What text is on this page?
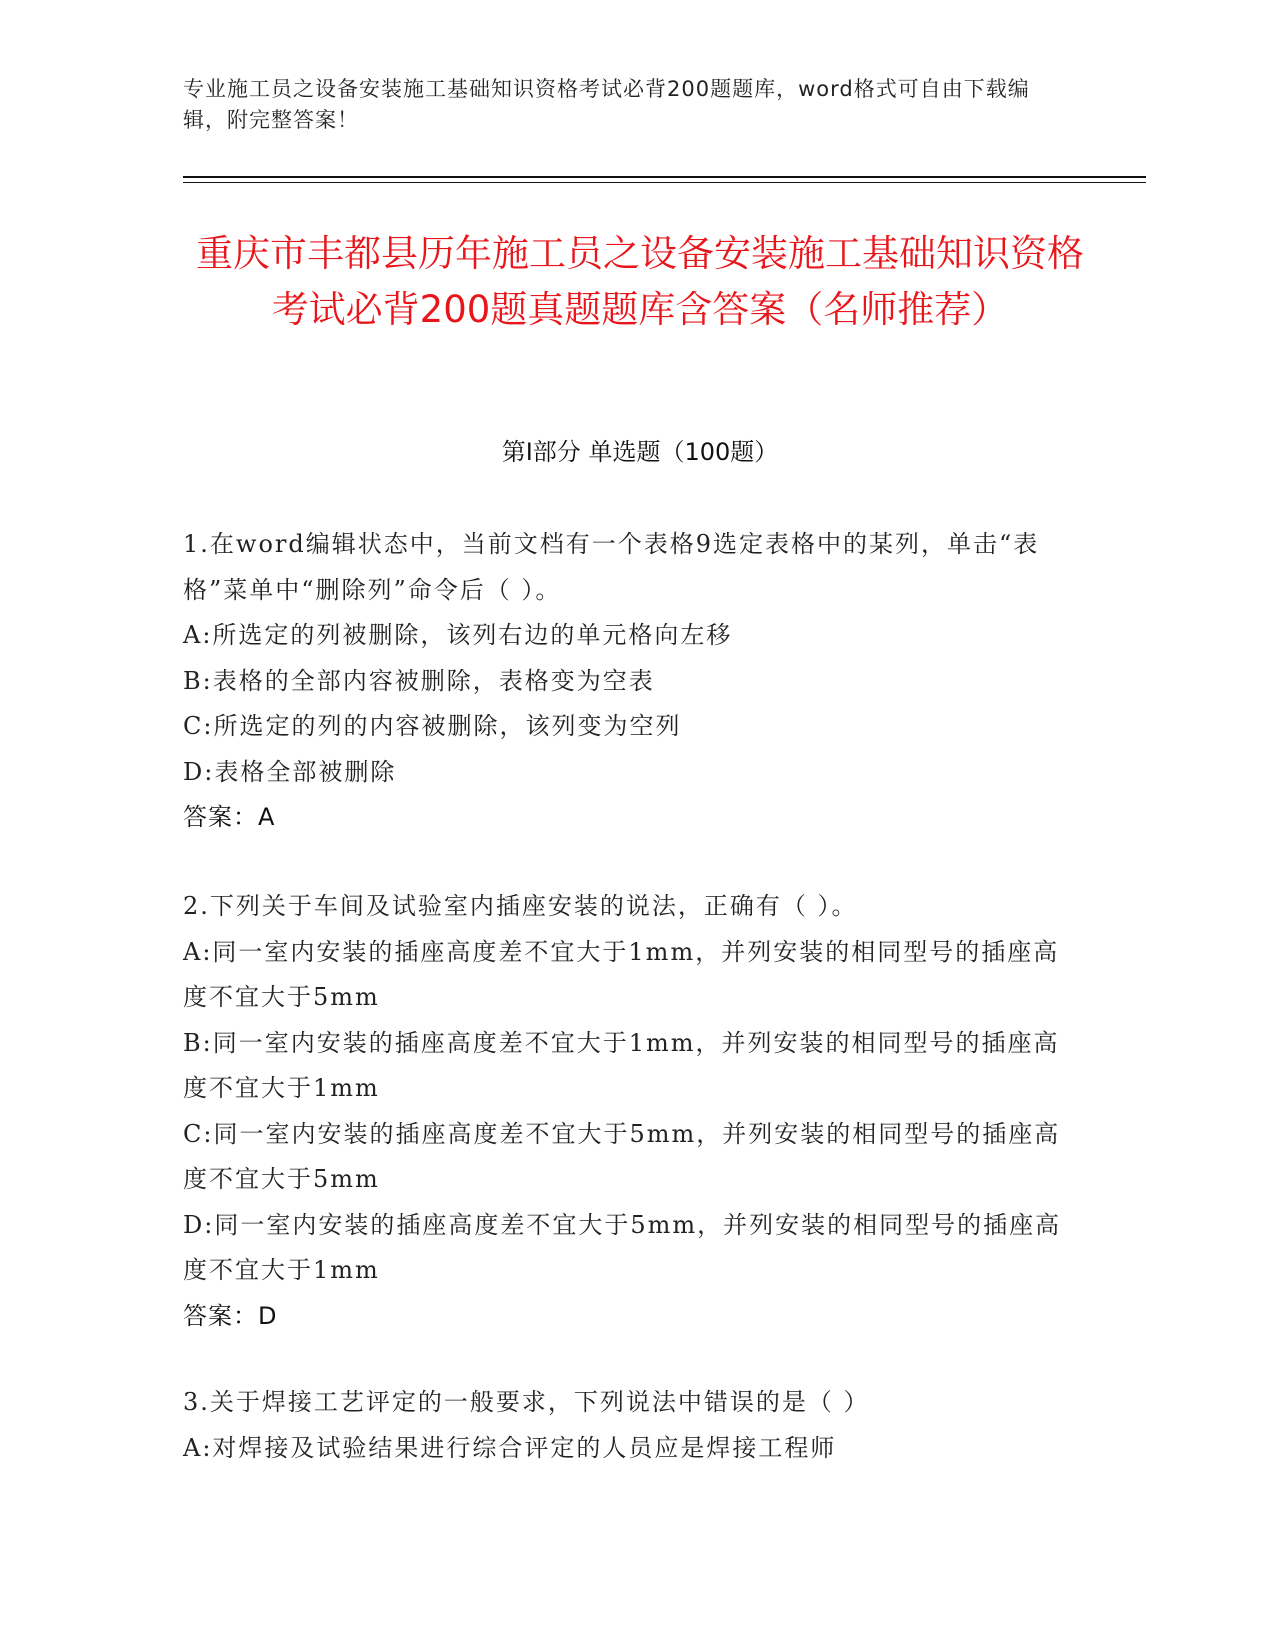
专业施工员之设备安装施工基础知识资格考试必背200题题库，word格式可自由下载编辑，附完整答案！
重庆市丰都县历年施工员之设备安装施工基础知识资格考试必背200题真题题库含答案（名师推荐）
第I部分 单选题（100题）
1.在word编辑状态中，当前文档有一个表格9选定表格中的某列，单击“表格”菜单中“删除列”命令后（ ）。
A:所选定的列被删除，该列右边的单元格向左移
B:表格的全部内容被删除，表格变为空表
C:所选定的列的内容被删除，该列变为空列
D:表格全部被删除
答案：A
2.下列关于车间及试验室内插座安装的说法，正确有（ ）。
A:同一室内安装的插座高度差不宜大于1mm，并列安装的相同型号的插座高度不宜大于5mm
B:同一室内安装的插座高度差不宜大于1mm，并列安装的相同型号的插座高度不宜大于1mm
C:同一室内安装的插座高度差不宜大于5mm，并列安装的相同型号的插座高度不宜大于5mm
D:同一室内安装的插座高度差不宜大于5mm，并列安装的相同型号的插座高度不宜大于1mm
答案：D
3.关于焊接工艺评定的一般要求，下列说法中错误的是（ ）
A:对焊接及试验结果进行综合评定的人员应是焊接工程师
